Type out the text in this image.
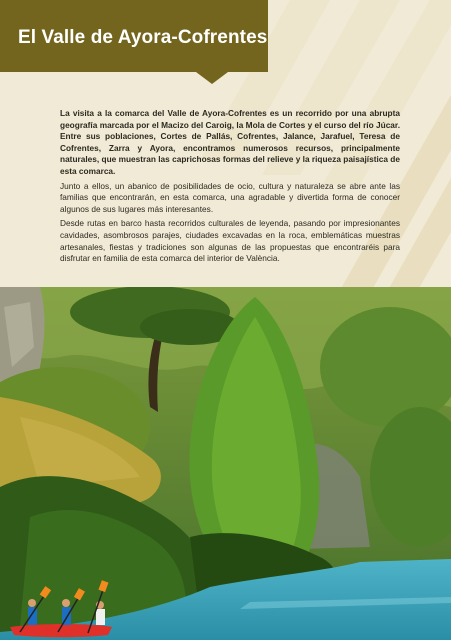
El Valle de Ayora-Cofrentes

La visita a la comarca del Valle de Ayora-Cofrentes es un recorrido por una abrupta geografía marcada por el Macizo del Caroig, la Mola de Cortes y el curso del río Júcar. Entre sus poblaciones, Cortes de Pallás, Cofrentes, Jalance, Jarafuel, Teresa de Cofrentes, Zarra y Ayora, encontramos numerosos recursos, principalmente naturales, que muestran las caprichosas formas del relieve y la riqueza paisajística de esta comarca.

Junto a ellos, un abanico de posibilidades de ocio, cultura y naturaleza se abre ante las familias que encontrarán, en esta comarca, una agradable y divertida forma de conocer algunos de sus lugares más interesantes.

Desde rutas en barco hasta recorridos culturales de leyenda, pasando por impresionantes cavidades, asombrosos parajes, ciudades excavadas en la roca, emblemáticas muestras artesanales, fiestas y tradiciones son algunas de las propuestas que encontraréis para disfrutar en familia de esta comarca del interior de València.
